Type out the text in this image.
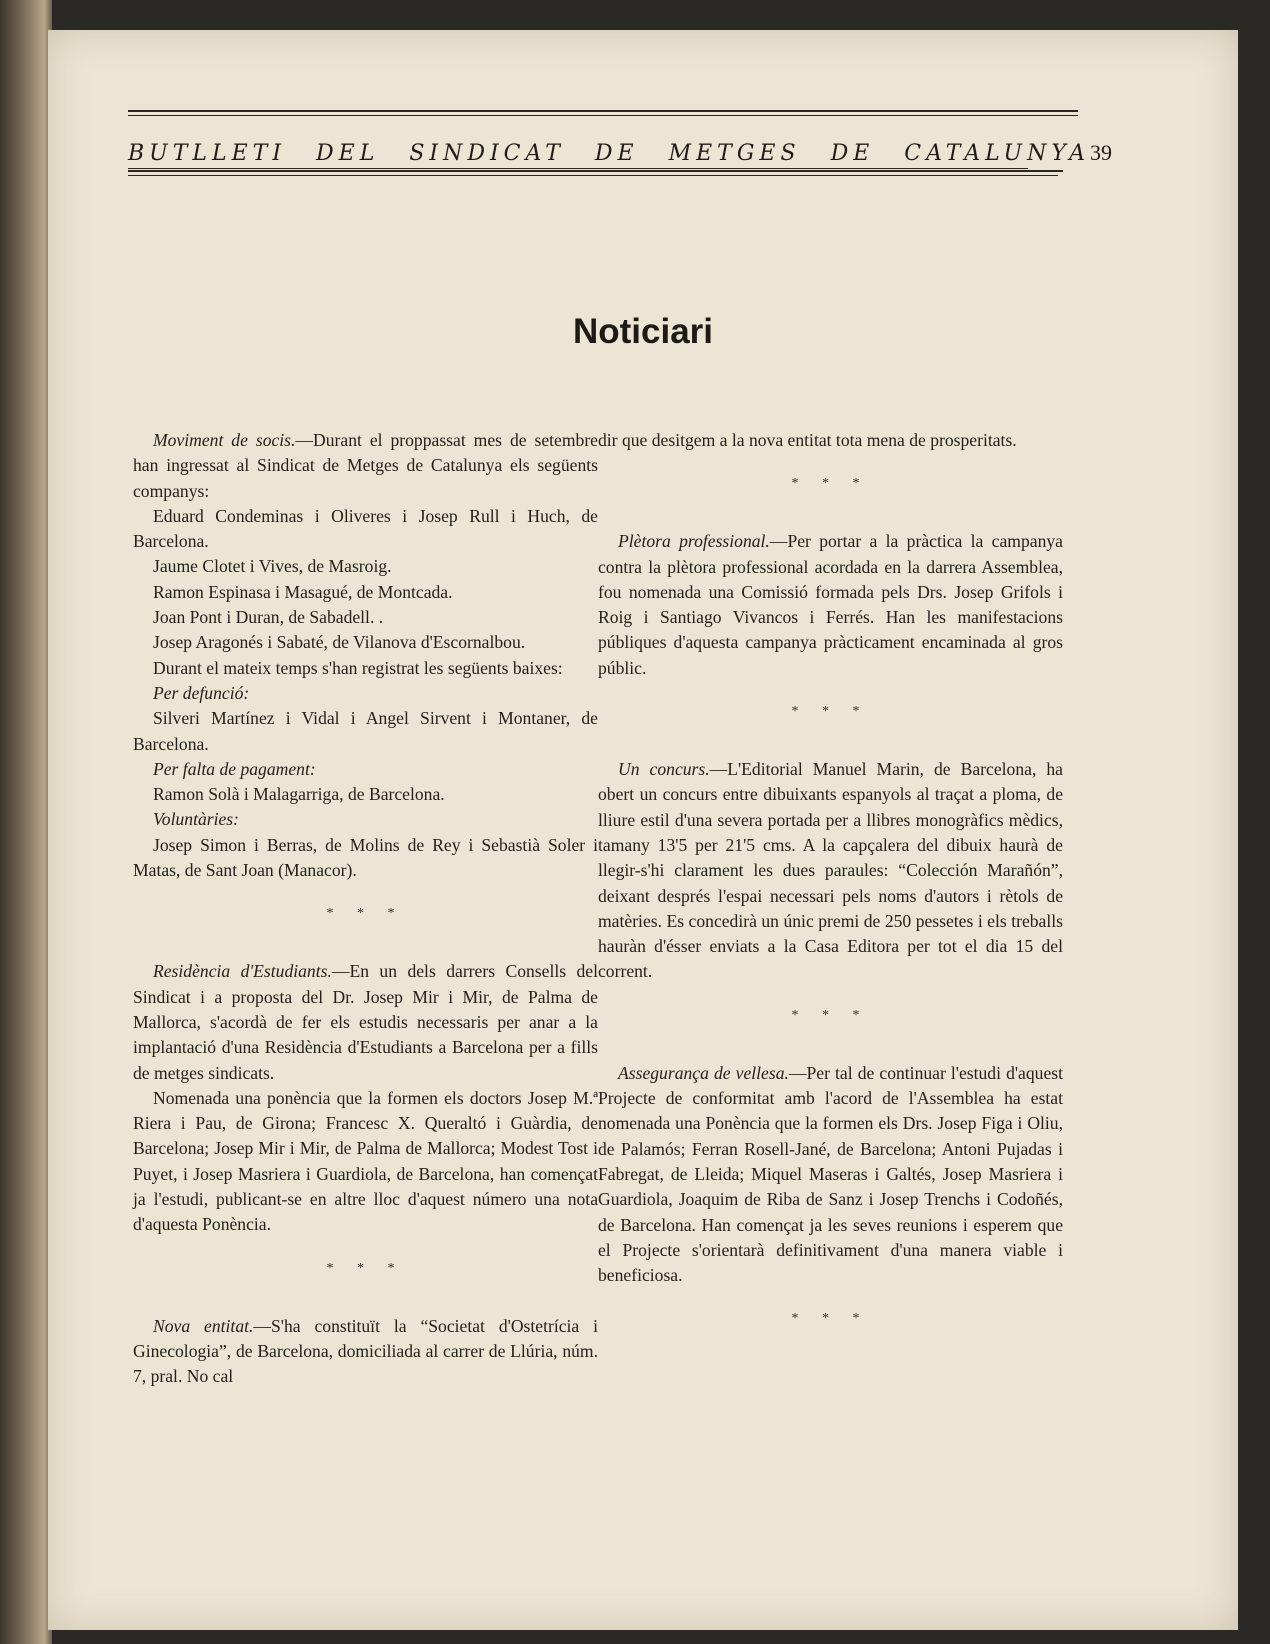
BUTLLETI DEL SINDICAT DE METGES DE CATALUNYA 39
Noticiari

Moviment de socis.—Durant el proppassat mes de setembre han ingressat al Sindicat de Metges de Catalunya els següents companys:

Eduard Condeminas i Oliveres i Josep Rull i Huch, de Barcelona.

Jaume Clotet i Vives, de Masroig.

Ramon Espinasa i Masagué, de Montcada.

Joan Pont i Duran, de Sabadell. .

Josep Aragonés i Sabaté, de Vilanova d'Escornalbou.

Durant el mateix temps s'han registrat les següents baixes:

Per defunció:

Silveri Martínez i Vidal i Angel Sirvent i Montaner, de Barcelona.

Per falta de pagament:

Ramon Solà i Malagarriga, de Barcelona.

Voluntàries:

Josep Simon i Berras, de Molins de Rey i Sebastià Soler i Matas, de Sant Joan (Manacor).

* * *

Residència d'Estudiants.—En un dels darrers Consells del Sindicat i a proposta del Dr. Josep Mir i Mir, de Palma de Mallorca, s'acordà de fer els estudis necessaris per anar a la implantació d'una Residència d'Estudiants a Barcelona per a fills de metges sindicats.

Nomenada una ponència que la formen els doctors Josep M.ª Riera i Pau, de Girona; Francesc X. Queraltó i Guàrdia, de Barcelona; Josep Mir i Mir, de Palma de Mallorca; Modest Tost i Puyet, i Josep Masriera i Guardiola, de Barcelona, han començat ja l'estudi, publicant-se en altre lloc d'aquest número una nota d'aquesta Ponència.

* * *

Nova entitat.—S'ha constituït la “Societat d'Ostetrícia i Ginecologia”, de Barcelona, domiciliada al carrer de Llúria, núm. 7, pral. No cal

dir que desitgem a la nova entitat tota mena de prosperitats.

* * *

Plètora professional.—Per portar a la pràctica la campanya contra la plètora professional acordada en la darrera Assemblea, fou nomenada una Comissió formada pels Drs. Josep Grifols i Roig i Santiago Vivancos i Ferrés. Han les manifestacions públiques d'aquesta campanya pràcticament encaminada al gros públic.

* * *

Un concurs.—L'Editorial Manuel Marin, de Barcelona, ha obert un concurs entre dibuixants espanyols al traçat a ploma, de lliure estil d'una severa portada per a llibres monogràfics mèdics, tamany 13'5 per 21'5 cms. A la capçalera del dibuix haurà de llegir-s'hi clarament les dues paraules: “Colección Marañón”, deixant després l'espai necessari pels noms d'autors i rètols de matèries. Es concedirà un únic premi de 250 pessetes i els treballs hauràn d'ésser enviats a la Casa Editora per tot el dia 15 del corrent.

* * *

Assegurança de vellesa.—Per tal de continuar l'estudi d'aquest Projecte de conformitat amb l'acord de l'Assemblea ha estat nomenada una Ponència que la formen els Drs. Josep Figa i Oliu, de Palamós; Ferran Rosell-Jané, de Barcelona; Antoni Pujadas i Fabregat, de Lleida; Miquel Maseras i Galtés, Josep Masriera i Guardiola, Joaquim de Riba de Sanz i Josep Trenchs i Codoñés, de Barcelona. Han començat ja les seves reunions i esperem que el Projecte s'orientarà definitivament d'una manera viable i beneficiosa.

* * *
